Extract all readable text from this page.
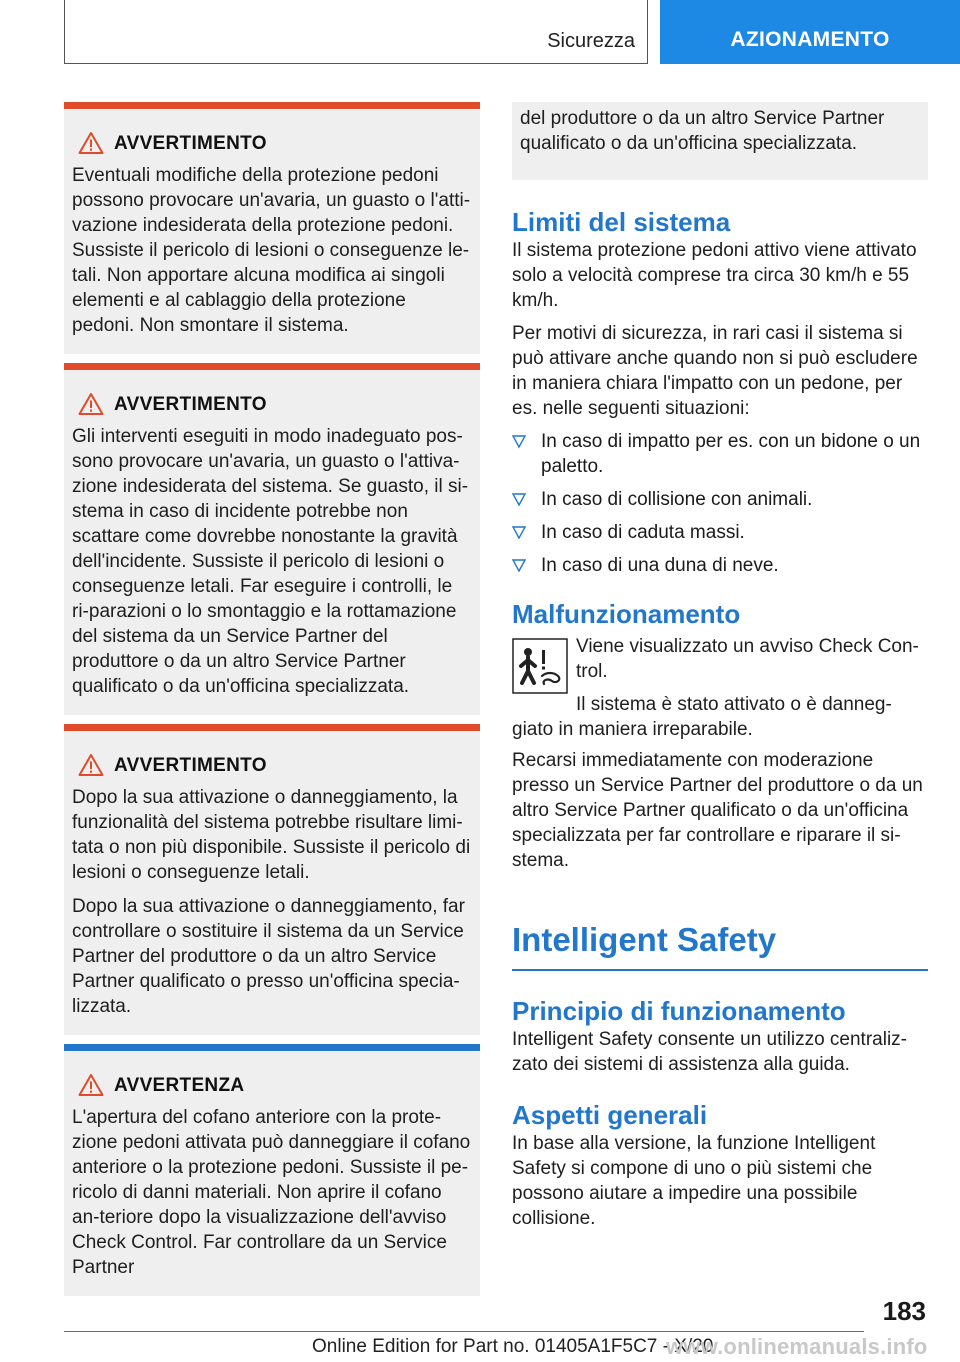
Sicurezza	AZIONAMENTO
AVVERTIMENTO

Eventuali modifiche della protezione pedoni possono provocare un'avaria, un guasto o l'atti‐vazione indesiderata della protezione pedoni. Sussiste il pericolo di lesioni o conseguenze le‐tali. Non apportare alcuna modifica ai singoli elementi e al cablaggio della protezione pedoni. Non smontare il sistema.

AVVERTIMENTO

Gli interventi eseguiti in modo inadeguato pos‐sono provocare un'avaria, un guasto o l'attiva‐zione indesiderata del sistema. Se guasto, il si‐stema in caso di incidente potrebbe non scattare come dovrebbe nonostante la gravità dell'incidente. Sussiste il pericolo di lesioni o conseguenze letali. Far eseguire i controlli, le ri‐parazioni o lo smontaggio e la rottamazione del sistema da un Service Partner del produttore o da un altro Service Partner qualificato o da un'officina specializzata.

AVVERTIMENTO

Dopo la sua attivazione o danneggiamento, la funzionalità del sistema potrebbe risultare limi‐tata o non più disponibile. Sussiste il pericolo di lesioni o conseguenze letali.

Dopo la sua attivazione o danneggiamento, far controllare o sostituire il sistema da un Service Partner del produttore o da un altro Service Partner qualificato o presso un'officina specia‐lizzata.

AVVERTENZA

L'apertura del cofano anteriore con la prote‐zione pedoni attivata può danneggiare il cofano anteriore o la protezione pedoni. Sussiste il pe‐ricolo di danni materiali. Non aprire il cofano an‐teriore dopo la visualizzazione dell'avviso Check Control. Far controllare da un Service Partner

del produttore o da un altro Service Partner qualificato o da un'officina specializzata.

Limiti del sistema

Il sistema protezione pedoni attivo viene attivato solo a velocità comprese tra circa 30 km/h e 55 km/h.

Per motivi di sicurezza, in rari casi il sistema si può attivare anche quando non si può escludere in maniera chiara l'impatto con un pedone, per es. nelle seguenti situazioni:

In caso di impatto per es. con un bidone o un paletto.
In caso di collisione con animali.
In caso di caduta massi.
In caso di una duna di neve.
Malfunzionamento

Viene visualizzato un avviso Check Con‐trol.

Il sistema è stato attivato o è danneg‐giato in maniera irreparabile.

Recarsi immediatamente con moderazione presso un Service Partner del produttore o da un altro Service Partner qualificato o da un'officina specializzata per far controllare e riparare il si‐stema.

Intelligent Safety
Principio di funzionamento

Intelligent Safety consente un utilizzo centraliz‐zato dei sistemi di assistenza alla guida.

Aspetti generali

In base alla versione, la funzione Intelligent Safety si compone di uno o più sistemi che possono aiutare a impedire una possibile collisione.

183
Online Edition for Part no. 01405A1F5C7 - X/20
www.onlinemanuals.info
